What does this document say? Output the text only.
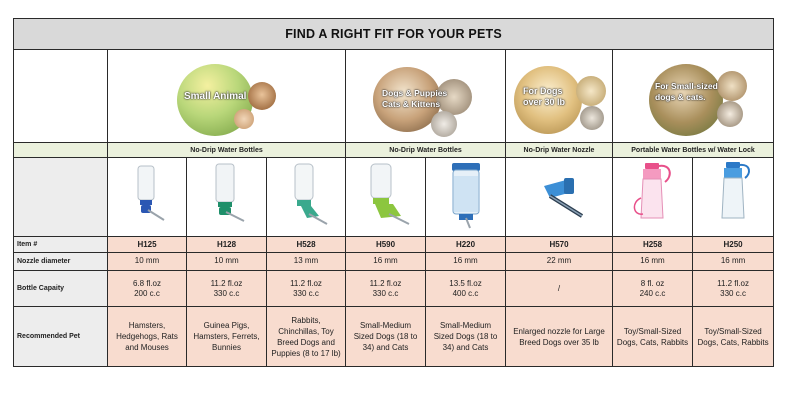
FIND A RIGHT FIT FOR YOUR PETS								

	Small Animal			Dogs & Puppies
Cats & Kittens		For Dogs
over 30 lb	For Small-sized
dogs & cats.	

	No-Drip Water Bottles			No-Drip Water Bottles		No-Drip Water Nozzle	Portable Water Bottles w/ Water Lock	

Item #	H125	H128	H528	H590	H220	H570	H258	H250
Nozzle diameter	10 mm	10 mm	13 mm	16 mm	16 mm	22 mm	16 mm	16 mm
Bottle Capaity	6.8 fl.oz
200 c.c	11.2 fl.oz
330 c.c	11.2 fl.oz
330 c.c	11.2 fl.oz
330 c.c	13.5 fl.oz
400 c.c	/	8 fl. oz
240 c.c	11.2 fl.oz
330 c.c
Recommended Pet	Hamsters,
Hedgehogs, Rats
and Mouses	Guinea Pigs,
Hamsters, Ferrets,
Bunnies	Rabbits,
Chinchillas, Toy
Breed Dogs and
Puppies (8 to 17 lb)	Small-Medium
Sized Dogs (18 to
34) and Cats	Small-Medium
Sized Dogs (18 to
34) and Cats	Enlarged nozzle for Large
Breed Dogs over 35 lb	Toy/Small-Sized
Dogs, Cats, Rabbits	Toy/Small-Sized
Dogs, Cats, Rabbits
